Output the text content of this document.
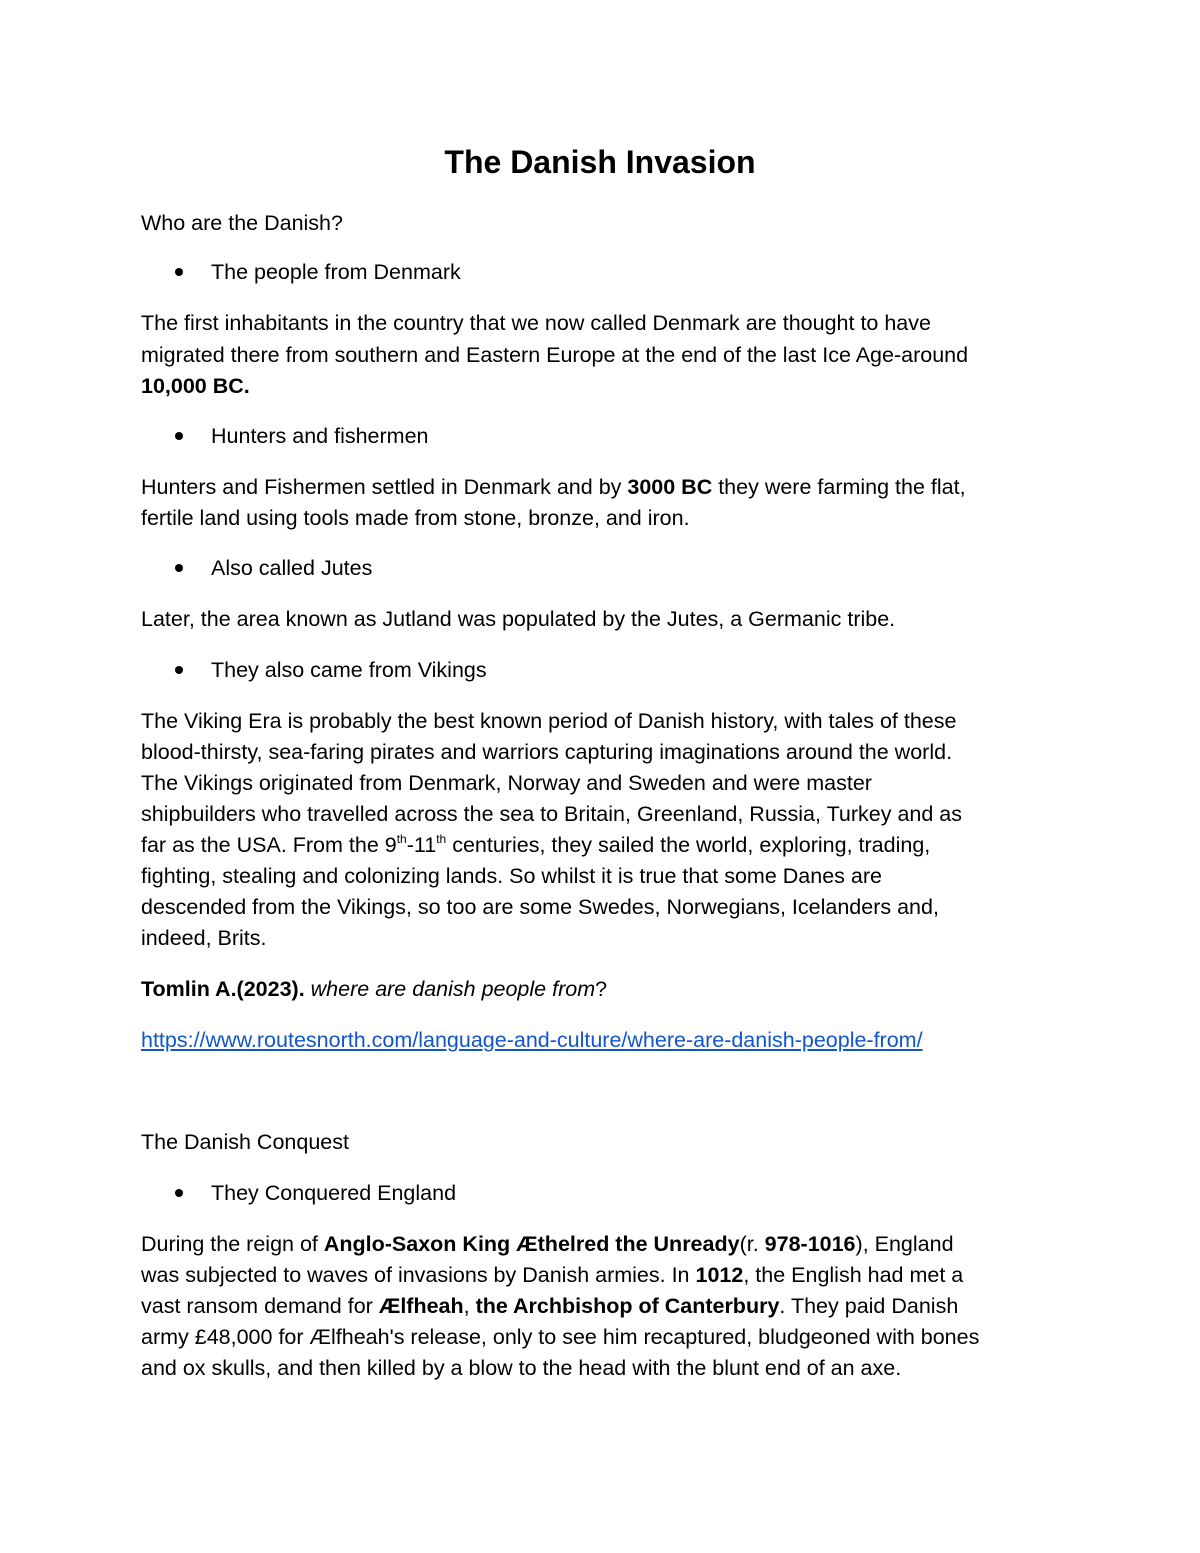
The Danish Invasion
Who are the Danish?
The people from Denmark
The first inhabitants in the country that we now called Denmark are thought to have
migrated there from southern and Eastern Europe at the end of the last Ice Age-around
10,000 BC.
Hunters and fishermen
Hunters and Fishermen settled in Denmark and by 3000 BC they were farming the flat,
fertile land using tools made from stone, bronze, and iron.
Also called Jutes
Later, the area known as Jutland was populated by the Jutes, a Germanic tribe.
They also came from Vikings
The Viking Era is probably the best known period of Danish history, with tales of these
blood-thirsty, sea-faring pirates and warriors capturing imaginations around the world.
The Vikings originated from Denmark, Norway and Sweden and were master
shipbuilders who travelled across the sea to Britain, Greenland, Russia, Turkey and as
far as the USA. From the 9th-11th centuries, they sailed the world, exploring, trading,
fighting, stealing and colonizing lands. So whilst it is true that some Danes are
descended from the Vikings, so too are some Swedes, Norwegians, Icelanders and,
indeed, Brits.
Tomlin A.(2023). where are danish people from?
https://www.routesnorth.com/language-and-culture/where-are-danish-people-from/
The Danish Conquest
They Conquered England
During the reign of Anglo-Saxon King Æthelred the Unready(r. 978-1016), England
was subjected to waves of invasions by Danish armies. In 1012, the English had met a
vast ransom demand for Ælfheah, the Archbishop of Canterbury. They paid Danish
army £48,000 for Ælfheah's release, only to see him recaptured, bludgeoned with bones
and ox skulls, and then killed by a blow to the head with the blunt end of an axe.
